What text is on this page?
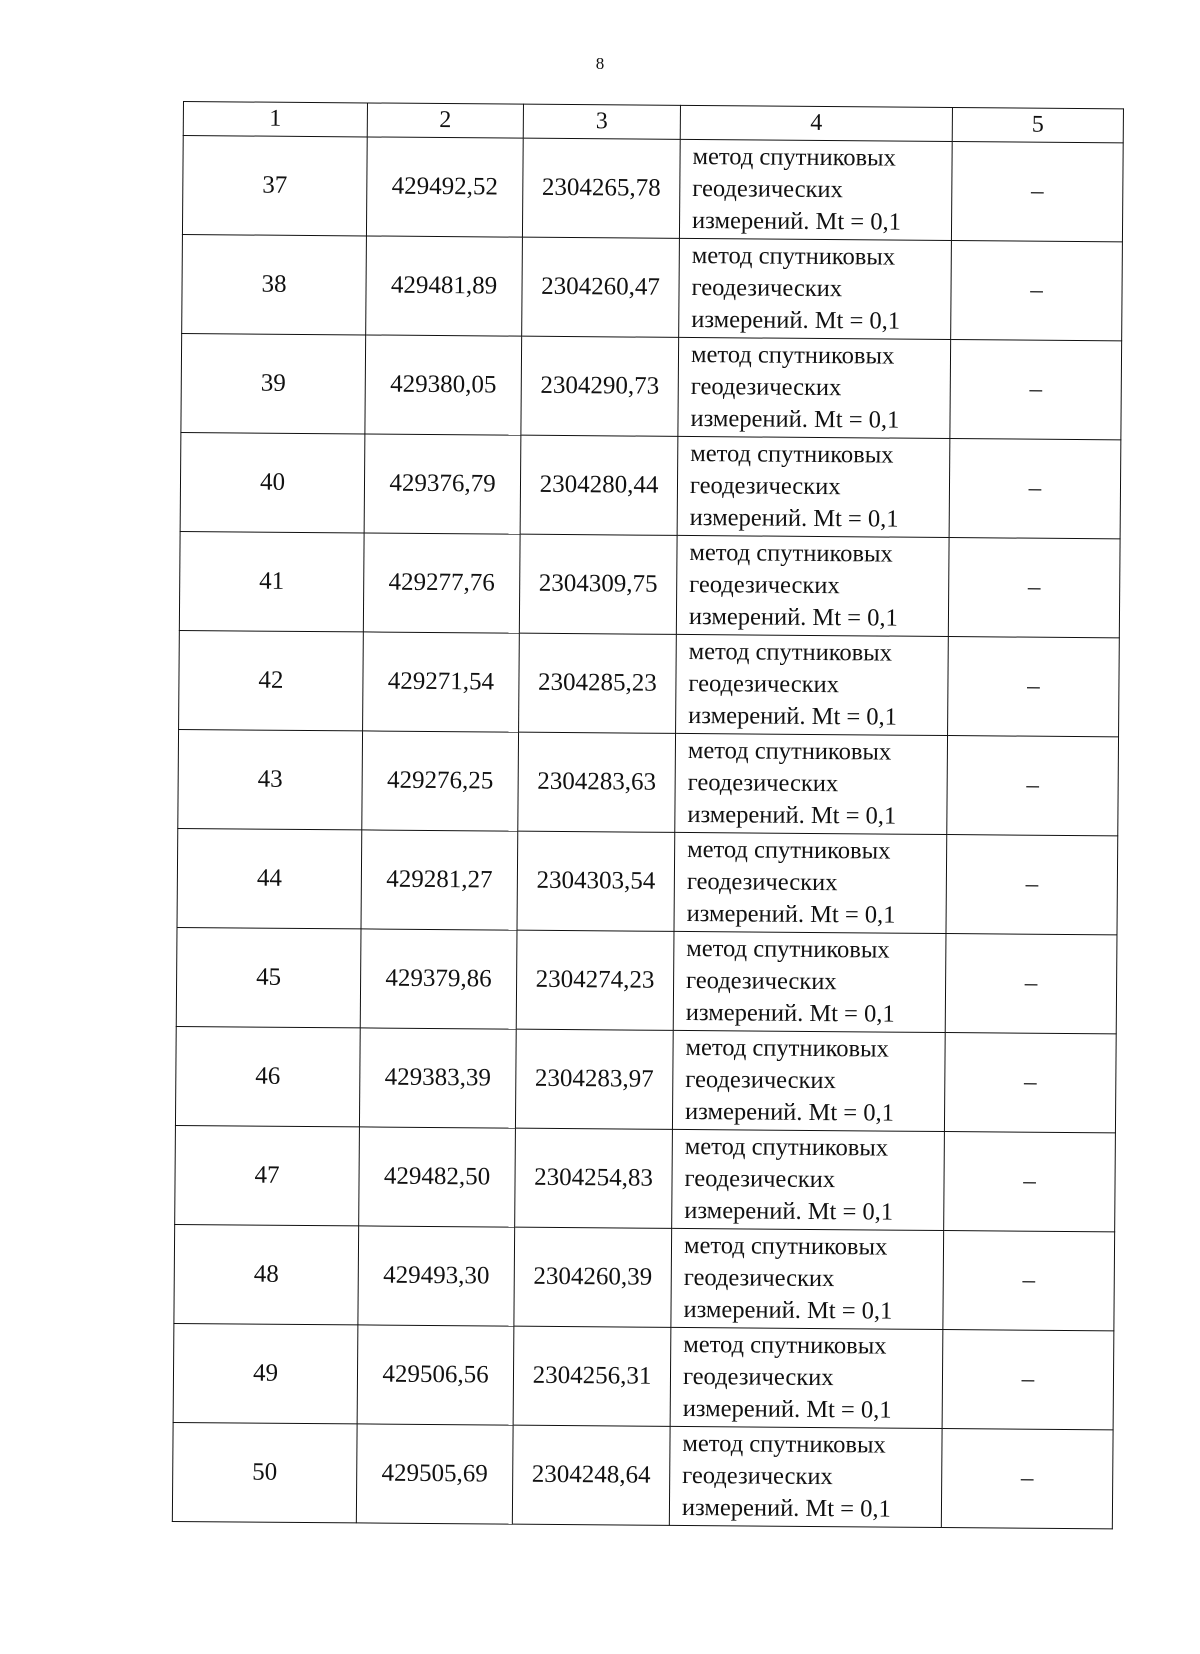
8
1	2	3	4	5
37	429492,52	2304265,78	метод спутниковых
геодезических
измерений. Mt = 0,1	–
38	429481,89	2304260,47	метод спутниковых
геодезических
измерений. Mt = 0,1	–
39	429380,05	2304290,73	метод спутниковых
геодезических
измерений. Mt = 0,1	–
40	429376,79	2304280,44	метод спутниковых
геодезических
измерений. Mt = 0,1	–
41	429277,76	2304309,75	метод спутниковых
геодезических
измерений. Mt = 0,1	–
42	429271,54	2304285,23	метод спутниковых
геодезических
измерений. Mt = 0,1	–
43	429276,25	2304283,63	метод спутниковых
геодезических
измерений. Mt = 0,1	–
44	429281,27	2304303,54	метод спутниковых
геодезических
измерений. Mt = 0,1	–
45	429379,86	2304274,23	метод спутниковых
геодезических
измерений. Mt = 0,1	–
46	429383,39	2304283,97	метод спутниковых
геодезических
измерений. Mt = 0,1	–
47	429482,50	2304254,83	метод спутниковых
геодезических
измерений. Mt = 0,1	–
48	429493,30	2304260,39	метод спутниковых
геодезических
измерений. Mt = 0,1	–
49	429506,56	2304256,31	метод спутниковых
геодезических
измерений. Mt = 0,1	–
50	429505,69	2304248,64	метод спутниковых
геодезических
измерений. Mt = 0,1	–
